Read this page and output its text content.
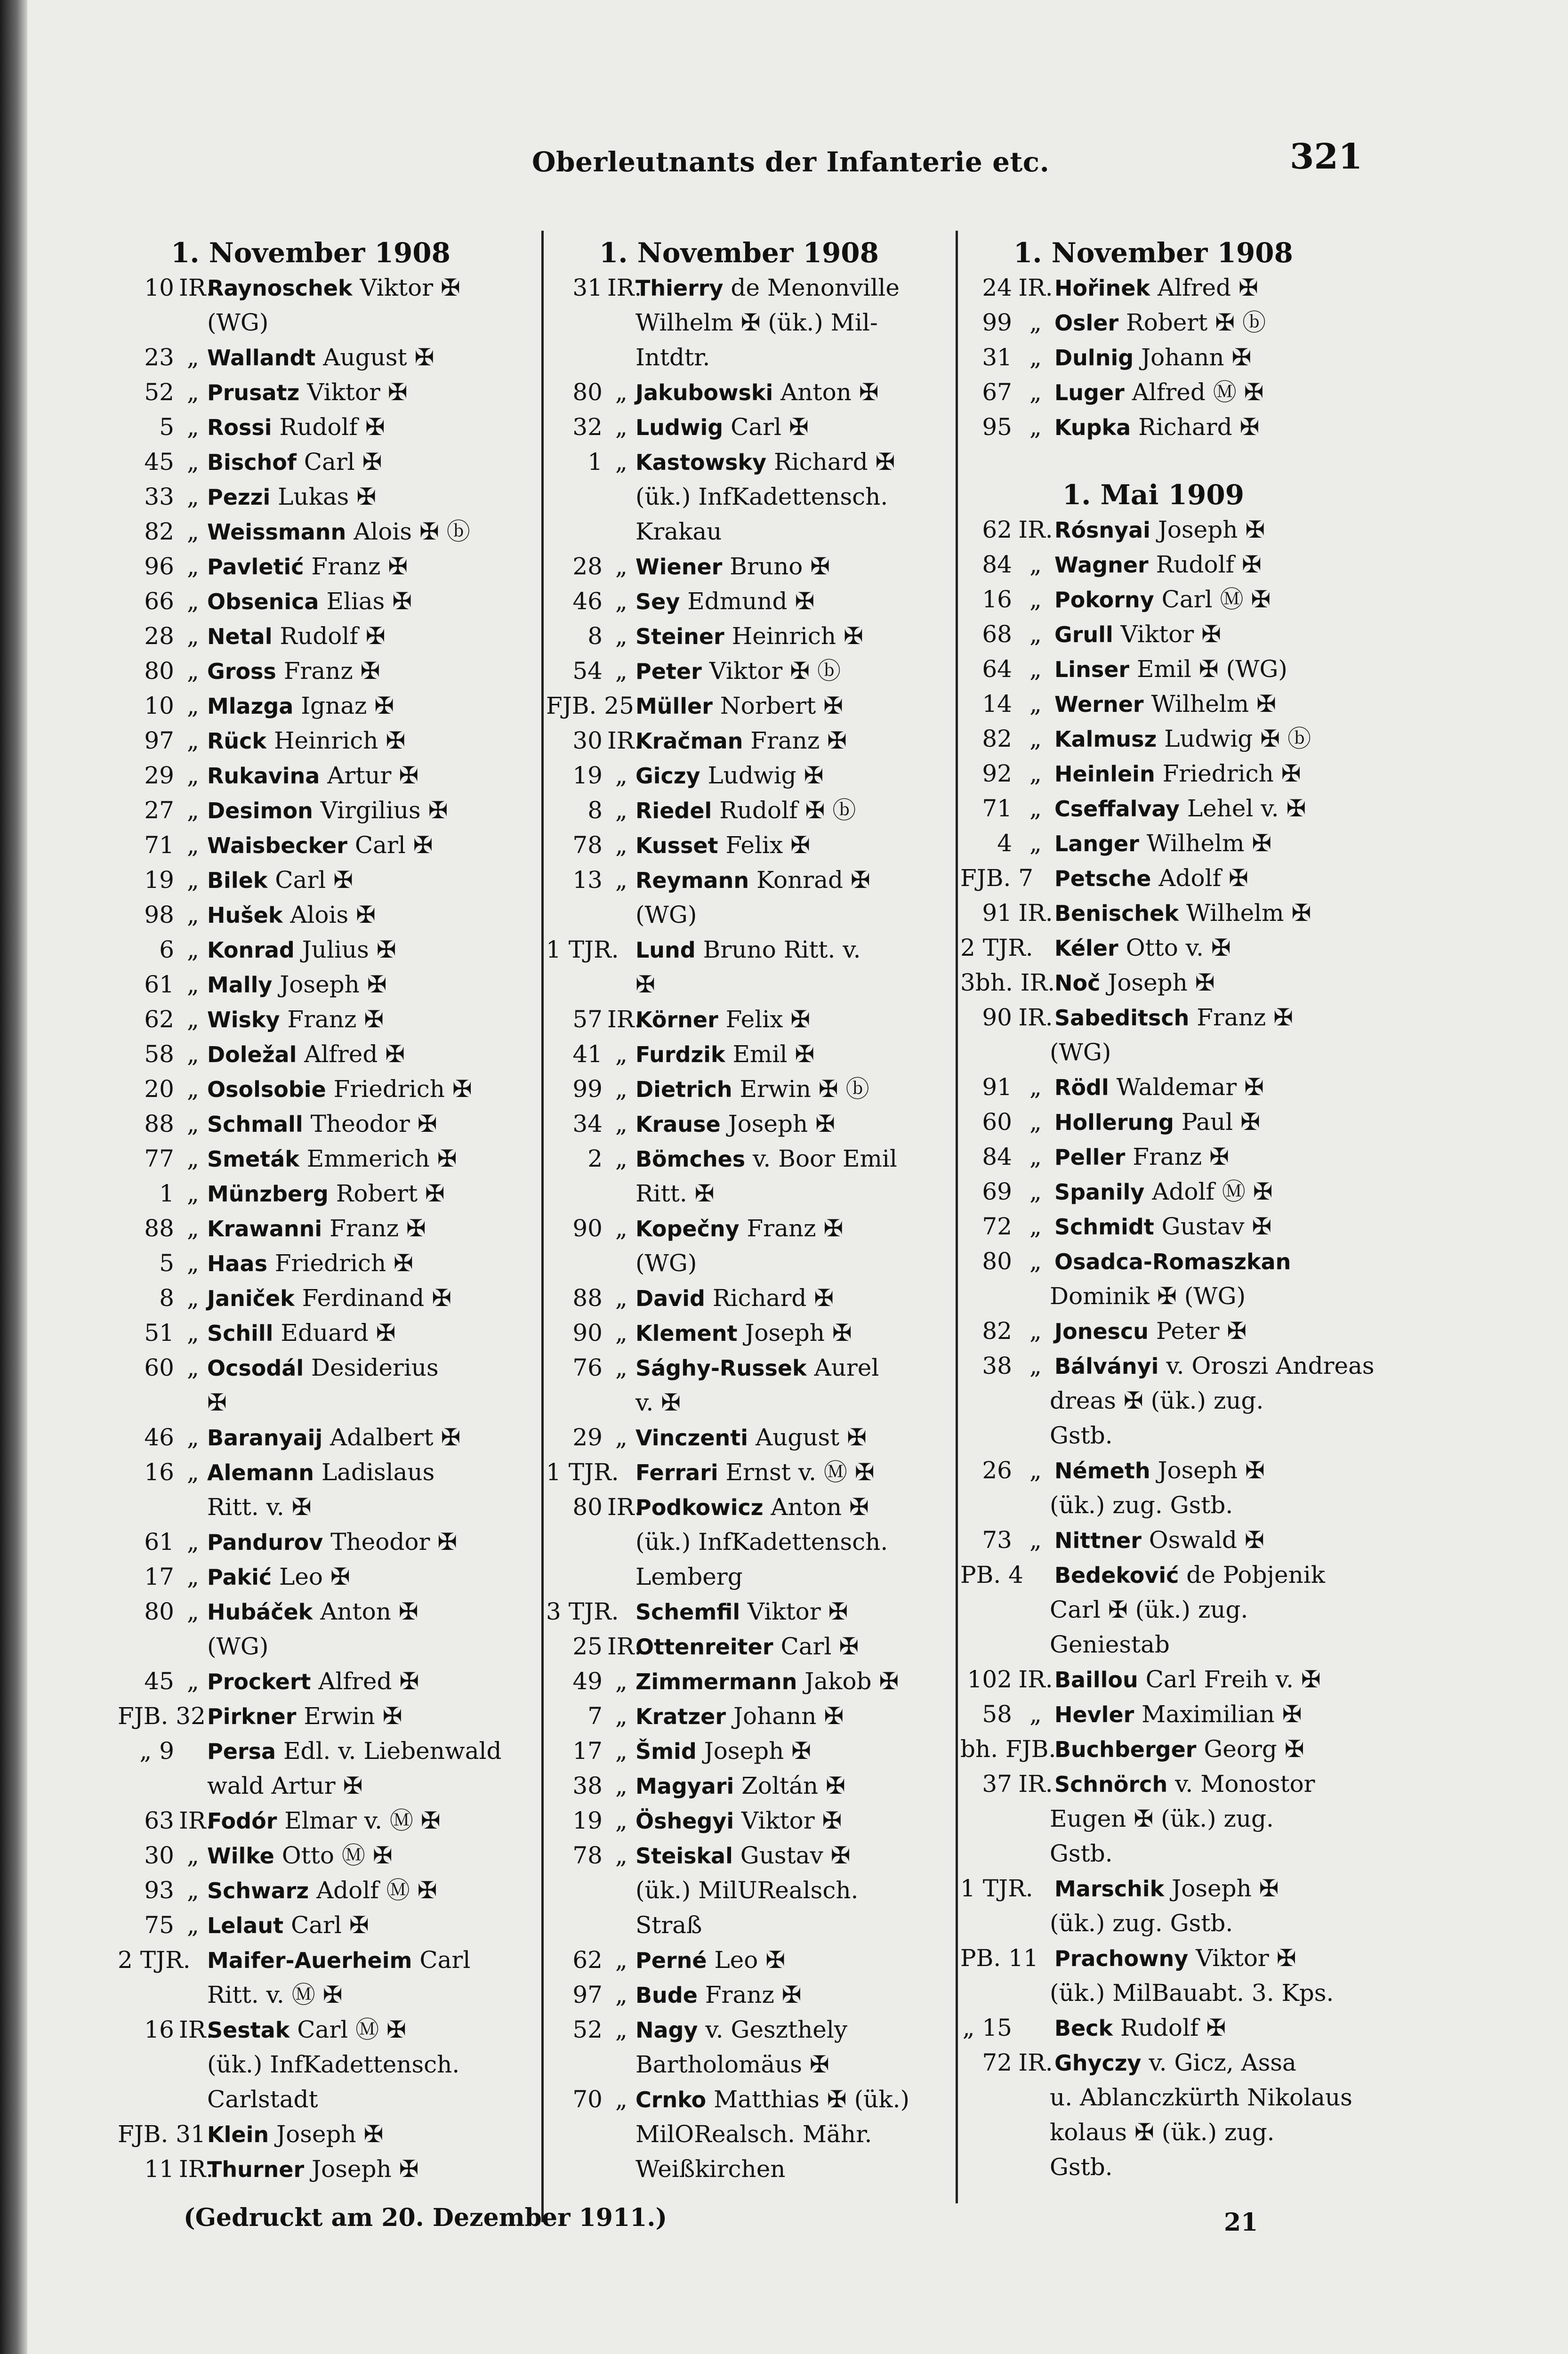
Oberleutnants der Infanterie etc.	321
1. November 1908
10 IR.
Raynoschek Viktor ✠
(WG)
23 „ Wallandt August ✠
52 „ Prusatz Viktor ✠
5 „ Rossi Rudolf ✠
45 „ Bischof Carl ✠
33 „ Pezzi Lukas ✠
82 „ Weissmann Alois ✠ ⓑ
96 „ Pavletić Franz ✠
66 „ Obsenica Elias ✠
28 „ Netal Rudolf ✠
80 „ Gross Franz ✠
10 „ Mlazga Ignaz ✠
97 „ Rück Heinrich ✠
29 „ Rukavina Artur ✠
27 „ Desimon Virgilius ✠
71 „ Waisbecker Carl ✠
19 „ Bilek Carl ✠
98 „ Hušek Alois ✠
6 „ Konrad Julius ✠
61 „ Mally Joseph ✠
62 „ Wisky Franz ✠
58 „ Doležal Alfred ✠
20 „ Osolsobie Friedrich ✠
88 „ Schmall Theodor ✠
77 „ Smeták Emmerich ✠
1 „ Münzberg Robert ✠
88 „ Krawanni Franz ✠
5 „ Haas Friedrich ✠
8 „ Janiček Ferdinand ✠
51 „ Schill Eduard ✠
60 „ Ocsodál Desiderius
✠
46 „ Baranyaij Adalbert ✠
16 „ Alemann Ladislaus
Ritt. v. ✠
61 „ Pandurov Theodor ✠
17 „ Pakić Leo ✠
80 „ Hubáček Anton ✠
(WG)
45 „ Prockert Alfred ✠
FJB. 32 Pirkner Erwin ✠
„ 9 Persa Edl. v. Liebenwald
wald Artur ✠
63 IR.
Fodór Elmar v. Ⓜ ✠
30 „ Wilke Otto Ⓜ ✠
93 „ Schwarz Adolf Ⓜ ✠
75 „ Lelaut Carl ✠
2 TJR. Maifer-Auerheim Carl
Ritt. v. Ⓜ ✠
16 IR.
Sestak Carl Ⓜ ✠
(ük.) InfKadettensch.
Carlstadt
FJB. 31 Klein Joseph ✠
11 IR.
Thurner Joseph ✠
1. November 1908
31 IR.
Thierry de Menonville
Wilhelm ✠ (ük.) Mil-
Intdtr.
80 „ Jakubowski Anton ✠
32 „ Ludwig Carl ✠
1 „ Kastowsky Richard ✠
(ük.) InfKadettensch.
Krakau
28 „ Wiener Bruno ✠
46 „ Sey Edmund ✠
8 „ Steiner Heinrich ✠
54 „ Peter Viktor ✠ ⓑ
FJB. 25 Müller Norbert ✠
30 IR.
Kračman Franz ✠
19 „ Giczy Ludwig ✠
8 „ Riedel Rudolf ✠ ⓑ
78 „ Kusset Felix ✠
13 „ Reymann Konrad ✠
(WG)
1 TJR. Lund Bruno Ritt. v.
✠
57 IR.
Körner Felix ✠
41 „ Furdzik Emil ✠
99 „ Dietrich Erwin ✠ ⓑ
34 „ Krause Joseph ✠
2 „ Bömches v. Boor Emil
Ritt. ✠
90 „ Kopečny Franz ✠
(WG)
88 „ David Richard ✠
90 „ Klement Joseph ✠
76 „ Sághy-Russek Aurel
v. ✠
29 „ Vinczenti August ✠
1 TJR. Ferrari Ernst v. Ⓜ ✠
80 IR.
Podkowicz Anton ✠
(ük.) InfKadettensch.
Lemberg
3 TJR. Schemfil Viktor ✠
25 IR.
Ottenreiter Carl ✠
49 „ Zimmermann Jakob ✠
7 „ Kratzer Johann ✠
17 „ Šmid Joseph ✠
38 „ Magyari Zoltán ✠
19 „ Öshegyi Viktor ✠
78 „ Steiskal Gustav ✠
(ük.) MilURealsch.
Straß
62 „ Perné Leo ✠
97 „ Bude Franz ✠
52 „ Nagy v. Geszthely
Bartholomäus ✠
70 „ Crnko Matthias ✠ (ük.)
MilORealsch. Mähr.
Weißkirchen
1. November 1908
24 IR. Hořinek Alfred ✠
99 „ Osler Robert ✠ ⓑ
31 „ Dulnig Johann ✠
67 „ Luger Alfred Ⓜ ✠
95 „ Kupka Richard ✠
1. Mai 1909
62 IR. Rósnyai Joseph ✠
84 „ Wagner Rudolf ✠
16 „ Pokorny Carl Ⓜ ✠
68 „ Grull Viktor ✠
64 „ Linser Emil ✠ (WG)
14 „ Werner Wilhelm ✠
82 „ Kalmusz Ludwig ✠ ⓑ
92 „ Heinlein Friedrich ✠
71 „ Cseffalvay Lehel v. ✠
4 „ Langer Wilhelm ✠
FJB. 7 Petsche Adolf ✠
91 IR. Benischek Wilhelm ✠
2 TJR. Kéler Otto v. ✠
3bh. IR.
Noč Joseph ✠
90 IR. Sabeditsch Franz ✠
(WG)
91 „ Rödl Waldemar ✠
60 „ Hollerung Paul ✠
84 „ Peller Franz ✠
69 „ Spanily Adolf Ⓜ ✠
72 „ Schmidt Gustav ✠
80 „ Osadca-Romaszkan
Dominik ✠ (WG)
82 „ Jonescu Peter ✠
38 „ Bálványi v. Oroszi Andreas
dreas ✠ (ük.) zug.
Gstb.
26 „ Németh Joseph ✠
(ük.) zug. Gstb.
73 „ Nittner Oswald ✠
PB. 4 Bedeković de Pobjenik
Carl ✠ (ük.) zug.
Geniestab
102 IR. Baillou Carl Freih v. ✠
58 „ Hevler Maximilian ✠
bh. FJB.
Buchberger Georg ✠
37 IR. Schnörch v. Monostor
Eugen ✠ (ük.) zug.
Gstb.
1 TJR. Marschik Joseph ✠
(ük.) zug. Gstb.
PB. 11 Prachowny Viktor ✠
(ük.) MilBauabt. 3. Kps.
„ 15 Beck Rudolf ✠
72 IR. Ghyczy v. Gicz, Assa
u. Ablanczkürth Nikolaus
kolaus ✠ (ük.) zug.
Gstb.
(Gedruckt am 20. Dezember 1911.)	21
